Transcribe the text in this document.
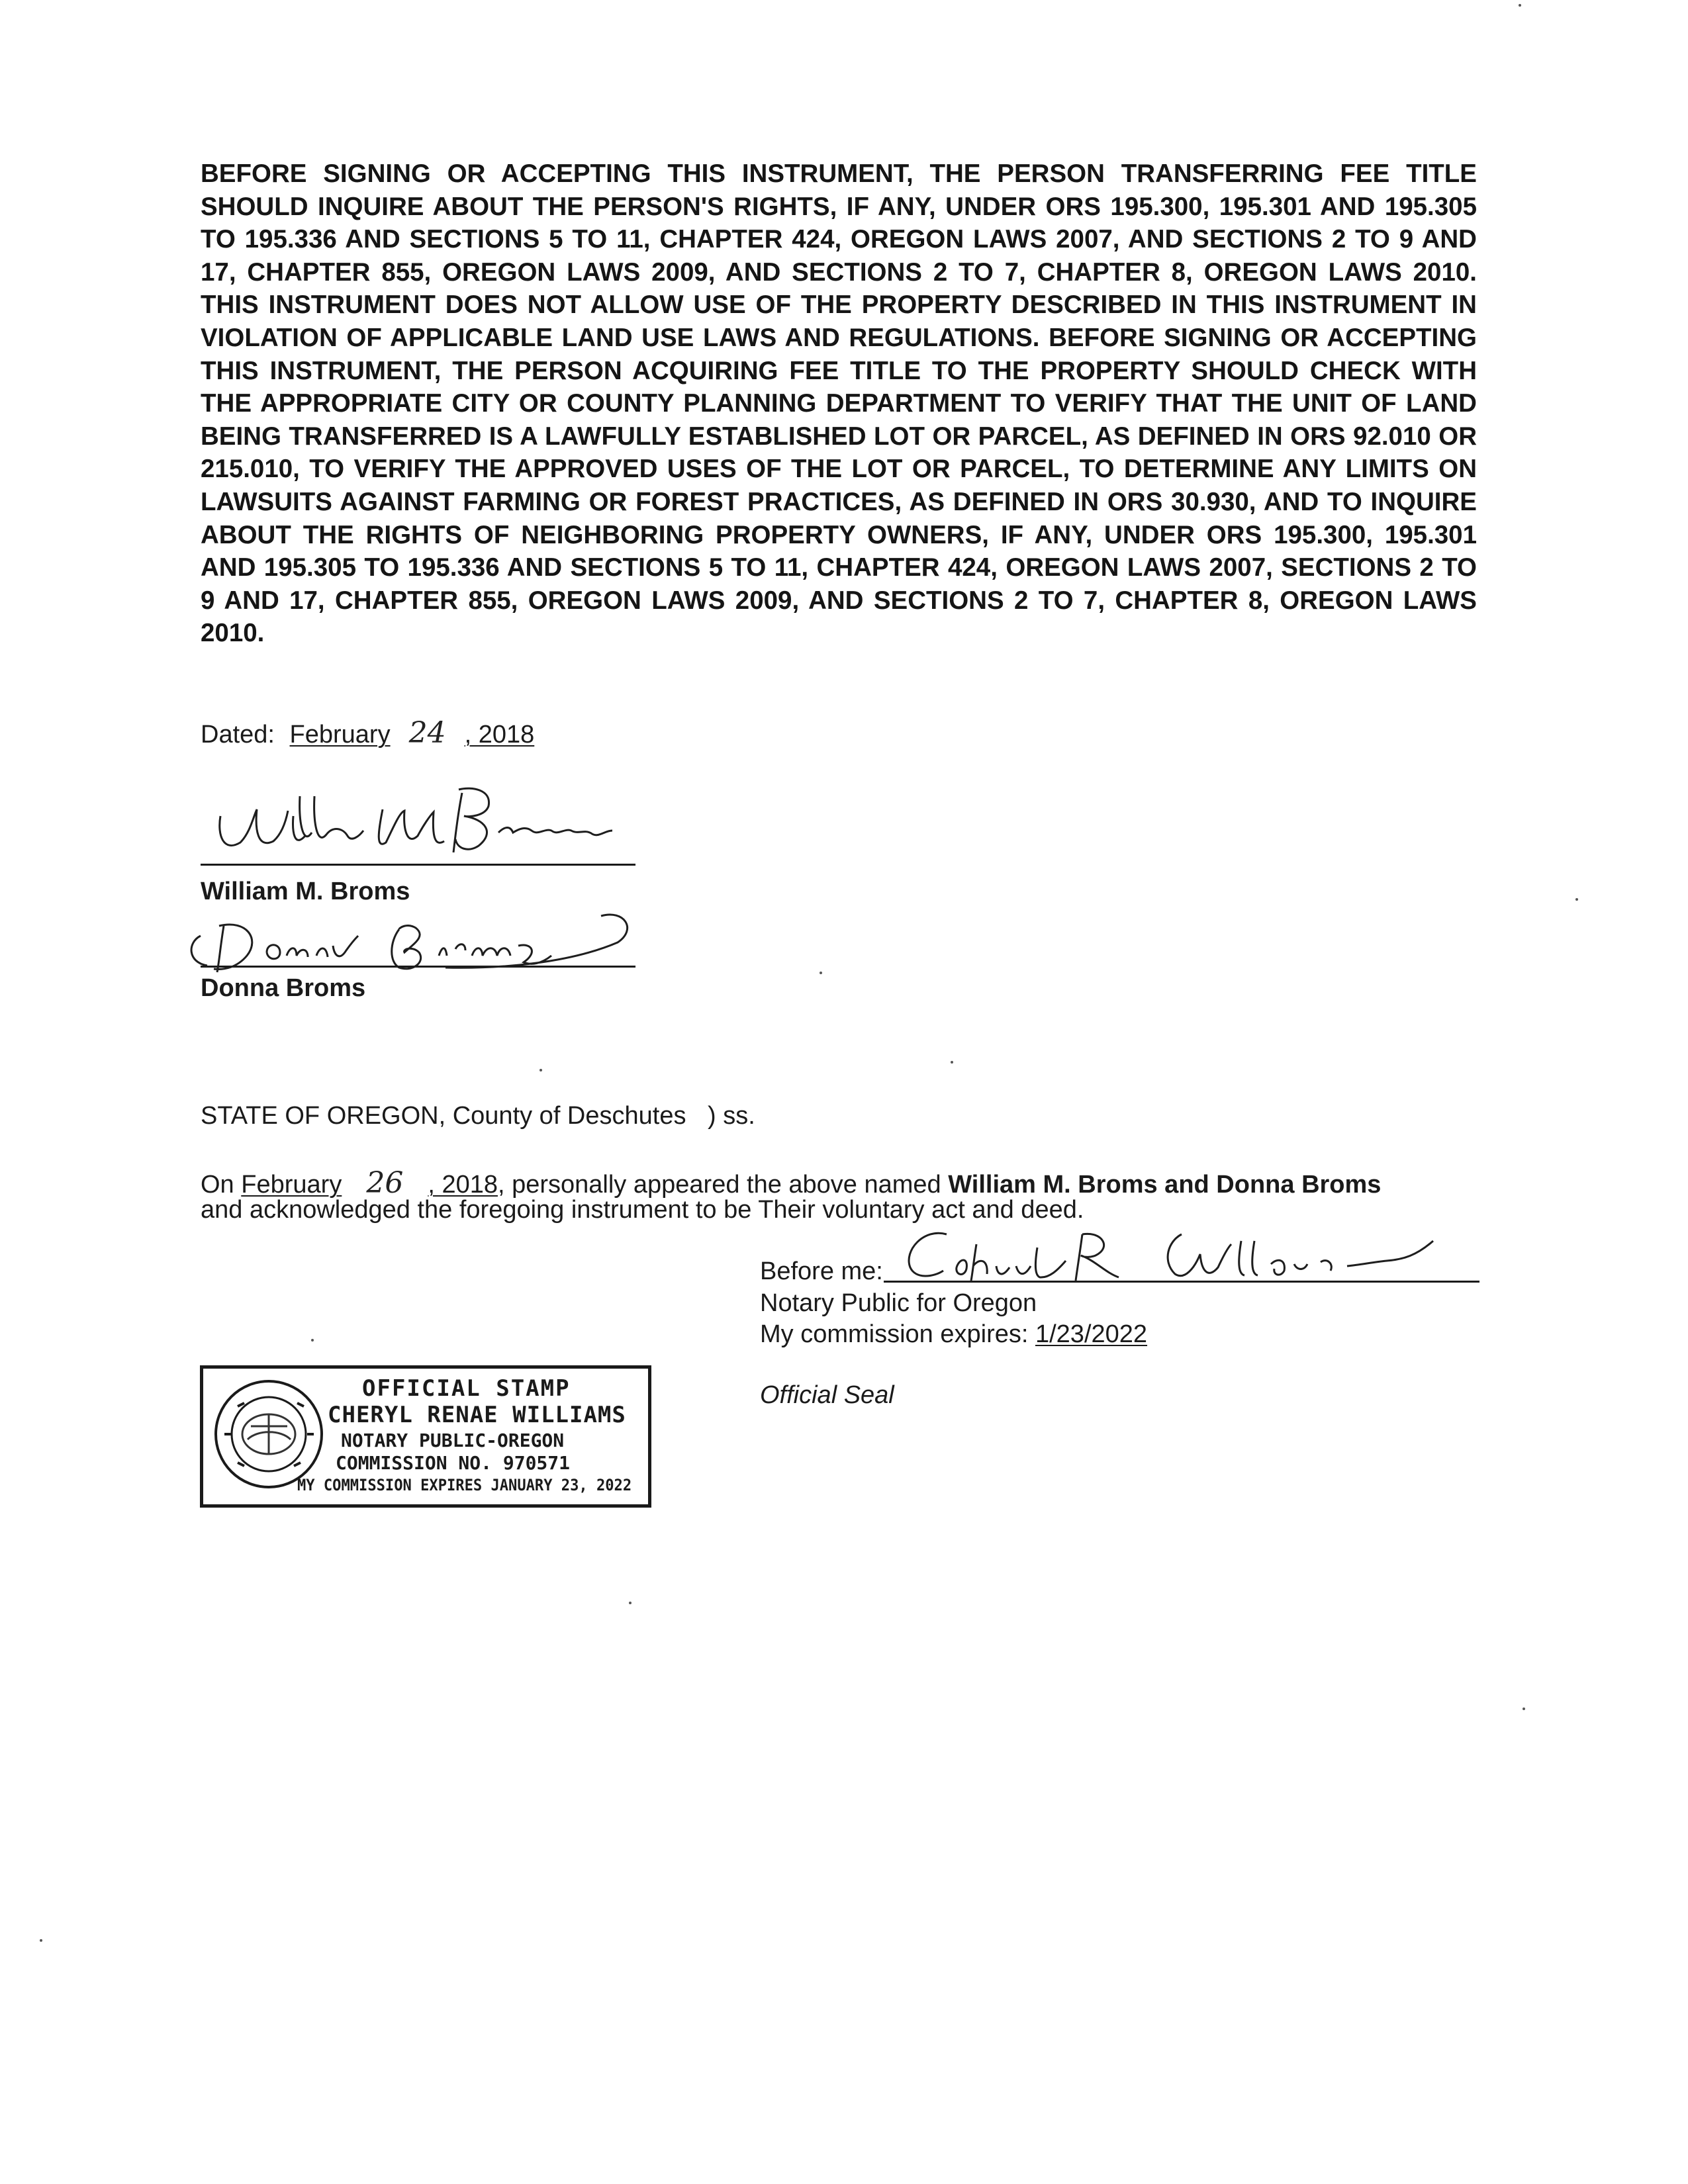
BEFORE SIGNING OR ACCEPTING THIS INSTRUMENT, THE PERSON TRANSFERRING FEE TITLE SHOULD INQUIRE ABOUT THE PERSON'S RIGHTS, IF ANY, UNDER ORS 195.300, 195.301 AND 195.305 TO 195.336 AND SECTIONS 5 TO 11, CHAPTER 424, OREGON LAWS 2007, AND SECTIONS 2 TO 9 AND 17, CHAPTER 855, OREGON LAWS 2009, AND SECTIONS 2 TO 7, CHAPTER 8, OREGON LAWS 2010. THIS INSTRUMENT DOES NOT ALLOW USE OF THE PROPERTY DESCRIBED IN THIS INSTRUMENT IN VIOLATION OF APPLICABLE LAND USE LAWS AND REGULATIONS. BEFORE SIGNING OR ACCEPTING THIS INSTRUMENT, THE PERSON ACQUIRING FEE TITLE TO THE PROPERTY SHOULD CHECK WITH THE APPROPRIATE CITY OR COUNTY PLANNING DEPARTMENT TO VERIFY THAT THE UNIT OF LAND BEING TRANSFERRED IS A LAWFULLY ESTABLISHED LOT OR PARCEL, AS DEFINED IN ORS 92.010 OR 215.010, TO VERIFY THE APPROVED USES OF THE LOT OR PARCEL, TO DETERMINE ANY LIMITS ON LAWSUITS AGAINST FARMING OR FOREST PRACTICES, AS DEFINED IN ORS 30.930, AND TO INQUIRE ABOUT THE RIGHTS OF NEIGHBORING PROPERTY OWNERS, IF ANY, UNDER ORS 195.300, 195.301 AND 195.305 TO 195.336 AND SECTIONS 5 TO 11, CHAPTER 424, OREGON LAWS 2007, SECTIONS 2 TO 9 AND 17, CHAPTER 855, OREGON LAWS 2009, AND SECTIONS 2 TO 7, CHAPTER 8, OREGON LAWS 2010.

Dated: February 24 , 2018
William M. Broms
Donna Broms
STATE OF OREGON, County of Deschutes ) ss.
On February 26 , 2018, personally appeared the above named William M. Broms and Donna Broms
and acknowledged the foregoing instrument to be Their voluntary act and deed.
Before me:
Notary Public for Oregon
My commission expires: 1/23/2022
Official Seal
OFFICIAL STAMP
CHERYL RENAE WILLIAMS
NOTARY PUBLIC-OREGON
COMMISSION NO. 970571
MY COMMISSION EXPIRES JANUARY 23, 2022
